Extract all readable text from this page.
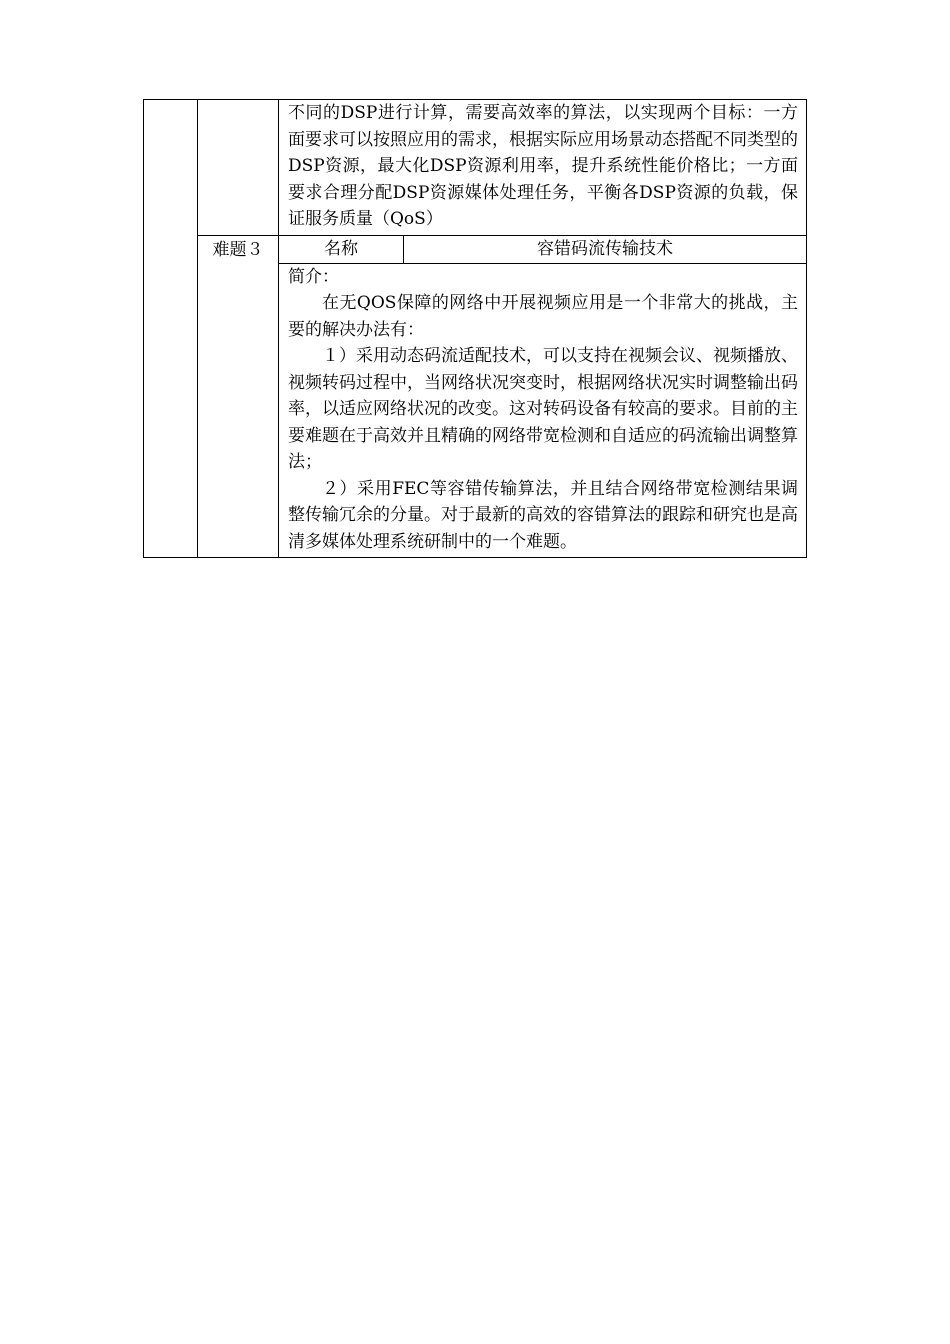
不同的DSP进行计算，需要高效率的算法，以实现两个目标：一方面要求可以按照应用的需求，根据实际应用场景动态搭配不同类型的DSP资源，最大化DSP资源利用率，提升系统性能价格比；一方面要求合理分配DSP资源媒体处理任务，平衡各DSP资源的负载，保证服务质量（QoS）

难题３		名称	容错码流传输技术

简介：

在无QOS保障的网络中开展视频应用是一个非常大的挑战，主要的解决办法有：

１）采用动态码流适配技术，可以支持在视频会议、视频播放、视频转码过程中，当网络状况突变时，根据网络状况实时调整输出码率，以适应网络状况的改变。这对转码设备有较高的要求。目前的主要难题在于高效并且精确的网络带宽检测和自适应的码流输出调整算法；

２）采用FEC等容错传输算法，并且结合网络带宽检测结果调整传输冗余的分量。对于最新的高效的容错算法的跟踪和研究也是高清多媒体处理系统研制中的一个难题。
